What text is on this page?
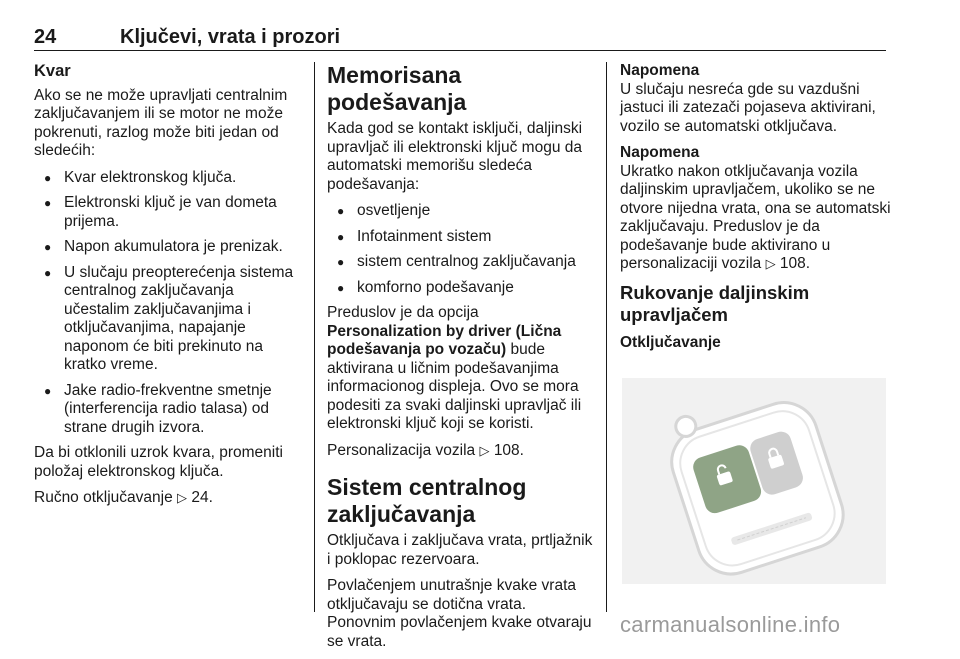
24	Ključevi, vrata i prozori
Kvar

Ako se ne može upravljati centralnim zaključavanjem ili se motor ne može pokrenuti, razlog može biti jedan od sledećih:

● Kvar elektronskog ključa.
● Elektronski ključ je van dometa prijema.
● Napon akumulatora je prenizak.
● U slučaju preopterećenja sistema centralnog zaključavanja učestalim zaključavanjima i otključavanjima, napajanje naponom će biti prekinuto na kratko vreme.
● Jake radio-frekventne smetnje (interferencija radio talasa) od strane drugih izvora.

Da bi otklonili uzrok kvara, promeniti položaj elektronskog ključa.

Ručno otključavanje ▷ 24.

Memorisana podešavanja

Kada god se kontakt isključi, daljinski upravljač ili elektronski ključ mogu da automatski memorišu sledeća podešavanja:

● osvetljenje
● Infotainment sistem
● sistem centralnog zaključavanja
● komforno podešavanje

Preduslov je da opcija
Personalization by driver (Lična podešavanja po vozaču) bude aktivirana u ličnim podešavanjima informacionog displeja. Ovo se mora podesiti za svaki daljinski upravljač ili elektronski ključ koji se koristi.

Personalizacija vozila ▷ 108.

Sistem centralnog zaključavanja

Otključava i zaključava vrata, prtljažnik i poklopac rezervoara.

Povlačenjem unutrašnje kvake vrata otključavaju se dotična vrata. Ponovnim povlačenjem kvake otvaraju se vrata.

Napomena

U slučaju nesreća gde su vazdušni jastuci ili zatezači pojaseva aktivirani, vozilo se automatski otključava.

Napomena

Ukratko nakon otključavanja vozila daljinskim upravljačem, ukoliko se ne otvore nijedna vrata, ona se automatski zaključavaju. Preduslov je da podešavanje bude aktivirano u personalizaciji vozila ▷ 108.

Rukovanje daljinskim upravljačem
Otključavanje
carmanualsonline.info
